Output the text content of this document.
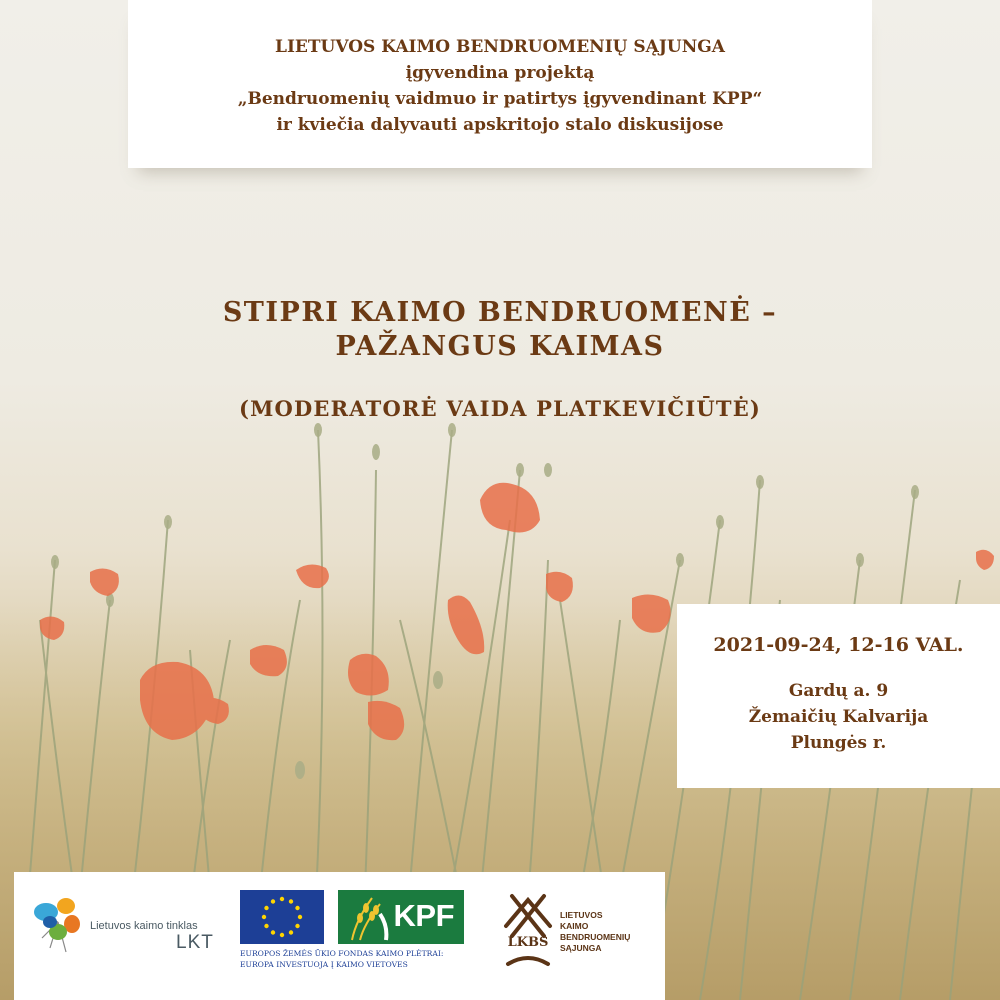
LIETUVOS KAIMO BENDRUOMENIŲ SĄJUNGA
įgyvendina projektą
„Bendruomenių vaidmuo ir patirtys įgyvendinant KPP“
ir kviečia dalyvauti apskritojo stalo diskusijose
STIPRI KAIMO BENDRUOMENĖ –
PAŽANGUS KAIMAS
(MODERATORĖ VAIDA PLATKEVIČIŪTĖ)
2021-09-24, 12-16 VAL.
Gardų a. 9
Žemaičių Kalvarija
Plungės r.
Lietuvos kaimo tinklas
LKT
KPF
EUROPOS ŽEMĖS ŪKIO FONDAS KAIMO PLĖTRAI:
EUROPA INVESTUOJA Į KAIMO VIETOVES
LKBS
LIETUVOS
KAIMO
BENDRUOMENIŲ
SĄJUNGA
